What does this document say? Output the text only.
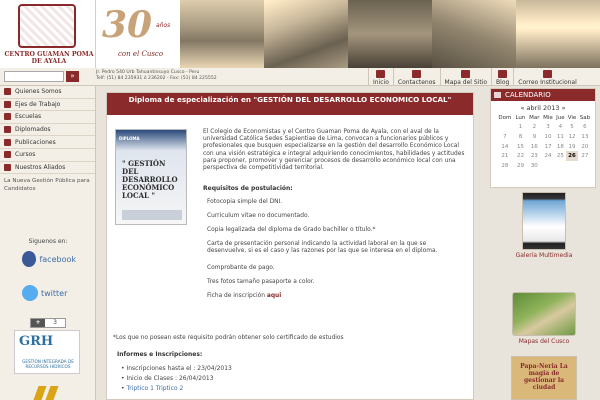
CENTRO GUAMAN POMA DE AYALA
30 años
con el Cusco
»	Jr. Pedro 540 Urb Tahuantinsuyo Cusco - Peru
Telf: (51) 84 235931 ó 236202 - Fax: (51) 84 225552
Inicio Contactenos Mapa del Sitio Blog Correo Institucional
Quienes Somos
Ejes de Trabajo
Escuelas
Diplomados
Publicaciones
Cursos
Nuestros Aliados
La Nueva Gestión Pública para Candidatos
Siguenos en:
facebook
twitter
+	3
GRH
GESTION INTEGRADA DE RECURSOS HIDRICOS
Diploma de especialización en "GESTIÓN DEL DESARROLLO ECONOMICO LOCAL"
DIPLOMA
" GESTIÓN DEL DESARROLLO ECONÓMICO LOCAL "
El Colegio de Economistas y el Centro Guaman Poma de Ayala, con el aval de la universidad Católica Sedes Sapientiae de Lima, convocan a funcionarios públicos y profesionales que busquen especializarse en la gestión del desarrollo Económico Local con una visión estratégica e integral adquiriendo conocimientos, habilidades y actitudes para proponer, promover y gerenciar procesos de desarrollo económico local con una perspectiva de competitividad territorial.
Requisitos de postulación:
Fotocopia simple del DNI.
Curriculum vitae no documentado.
Copia legalizada del diploma de Grado bachiller o título.*
Carta de presentación personal indicando la actividad laboral en la que se desenvuelve, si es el caso y las razones por las que se interesa en el diploma.
Comprobante de pago.
Tres fotos tamaño pasaporte a color.
Ficha de inscripción aqui
*Los que no posean este requisito podrán obtener solo certificado de estudios
Informes e Inscripciones:
• Inscripciones hasta el : 23/04/2013
• Inicio de Clases : 26/04/2013
• Triptico 1 Triptico 2
CALENDARIO
« abril 2013 »
Dom	Lun	Mar	Mie	Jue	Vie	Sab
	1	2	3	4	5	6
7	8	9	10	11	12	13
14	15	16	17	18	19	20
21	22	23	24	25	26	27
28	29	30				
Galería Multimedia
Mapas del Cusco
Papa-Neria La magia de gestionar la ciudad
